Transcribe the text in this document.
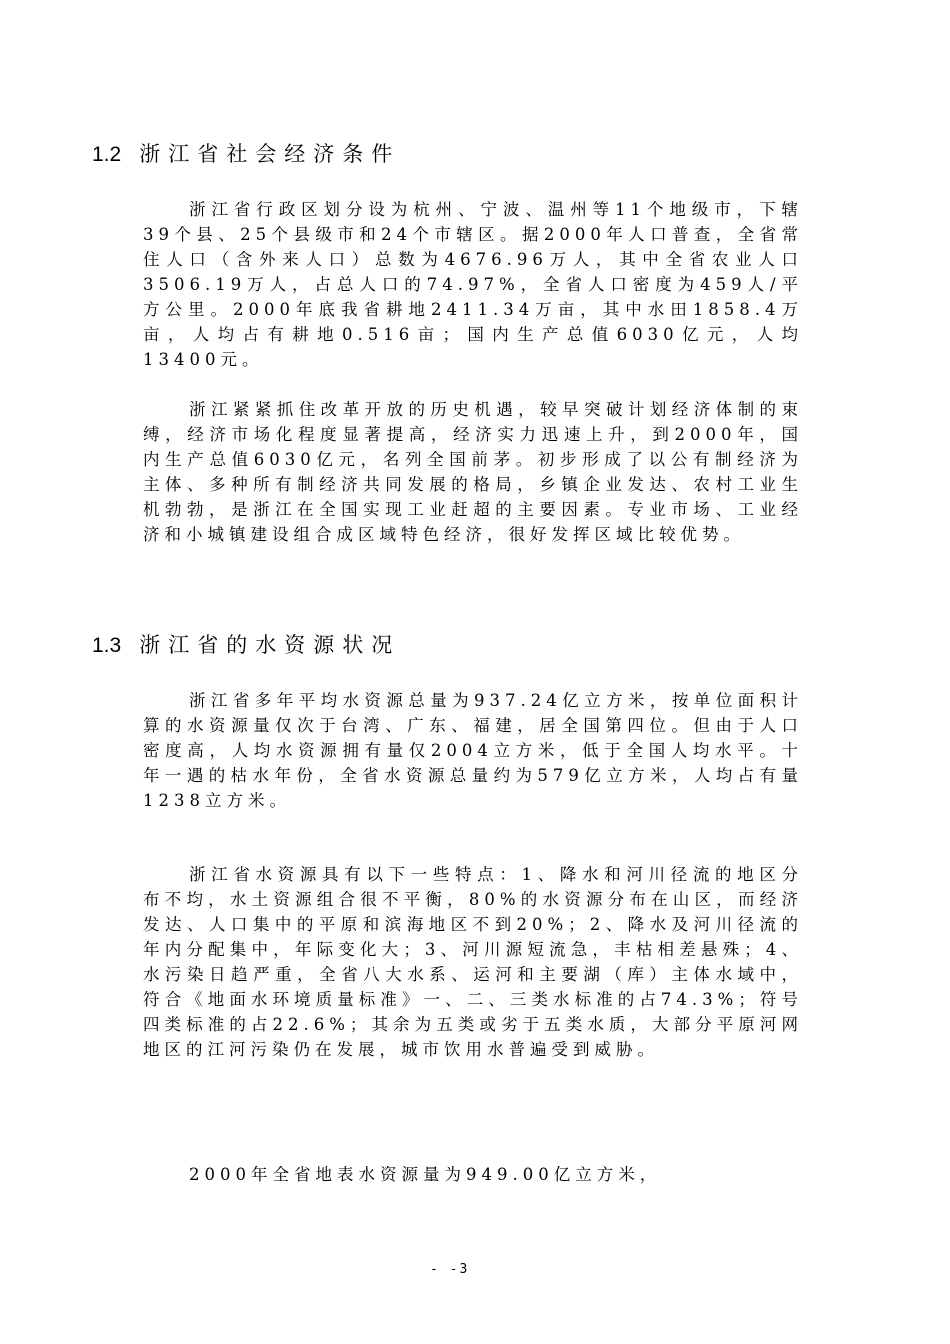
1.2 浙江省社会经济条件

浙江省行政区划分设为杭州、宁波、温州等11个地级市，下辖39个县、25个县级市和24个市辖区。据2000年人口普查，全省常住人口（含外来人口）总数为4676.96万人，其中全省农业人口3506.19万人，占总人口的74.97%，全省人口密度为459人/平方公里。2000年底我省耕地2411.34万亩，其中水田1858.4万亩，人均占有耕地0.516亩；国内生产总值6030亿元，人均13400元。

浙江紧紧抓住改革开放的历史机遇，较早突破计划经济体制的束缚，经济市场化程度显著提高，经济实力迅速上升，到2000年，国内生产总值6030亿元，名列全国前茅。初步形成了以公有制经济为主体、多种所有制经济共同发展的格局，乡镇企业发达、农村工业生机勃勃，是浙江在全国实现工业赶超的主要因素。专业市场、工业经济和小城镇建设组合成区域特色经济，很好发挥区域比较优势。

1.3 浙江省的水资源状况

浙江省多年平均水资源总量为937.24亿立方米，按单位面积计算的水资源量仅次于台湾、广东、福建，居全国第四位。但由于人口密度高，人均水资源拥有量仅2004立方米，低于全国人均水平。十年一遇的枯水年份，全省水资源总量约为579亿立方米，人均占有量1238立方米。

浙江省水资源具有以下一些特点：1、降水和河川径流的地区分布不均，水土资源组合很不平衡，80%的水资源分布在山区，而经济发达、人口集中的平原和滨海地区不到20%；2、降水及河川径流的年内分配集中，年际变化大；3、河川源短流急，丰枯相差悬殊；4、水污染日趋严重，全省八大水系、运河和主要湖（库）主体水域中，符合《地面水环境质量标准》一、二、三类水标准的占74.3%；符号四类标准的占22.6%；其余为五类或劣于五类水质，大部分平原河网地区的江河污染仍在发展，城市饮用水普遍受到威胁。

2000年全省地表水资源量为949.00亿立方米，

- -3
